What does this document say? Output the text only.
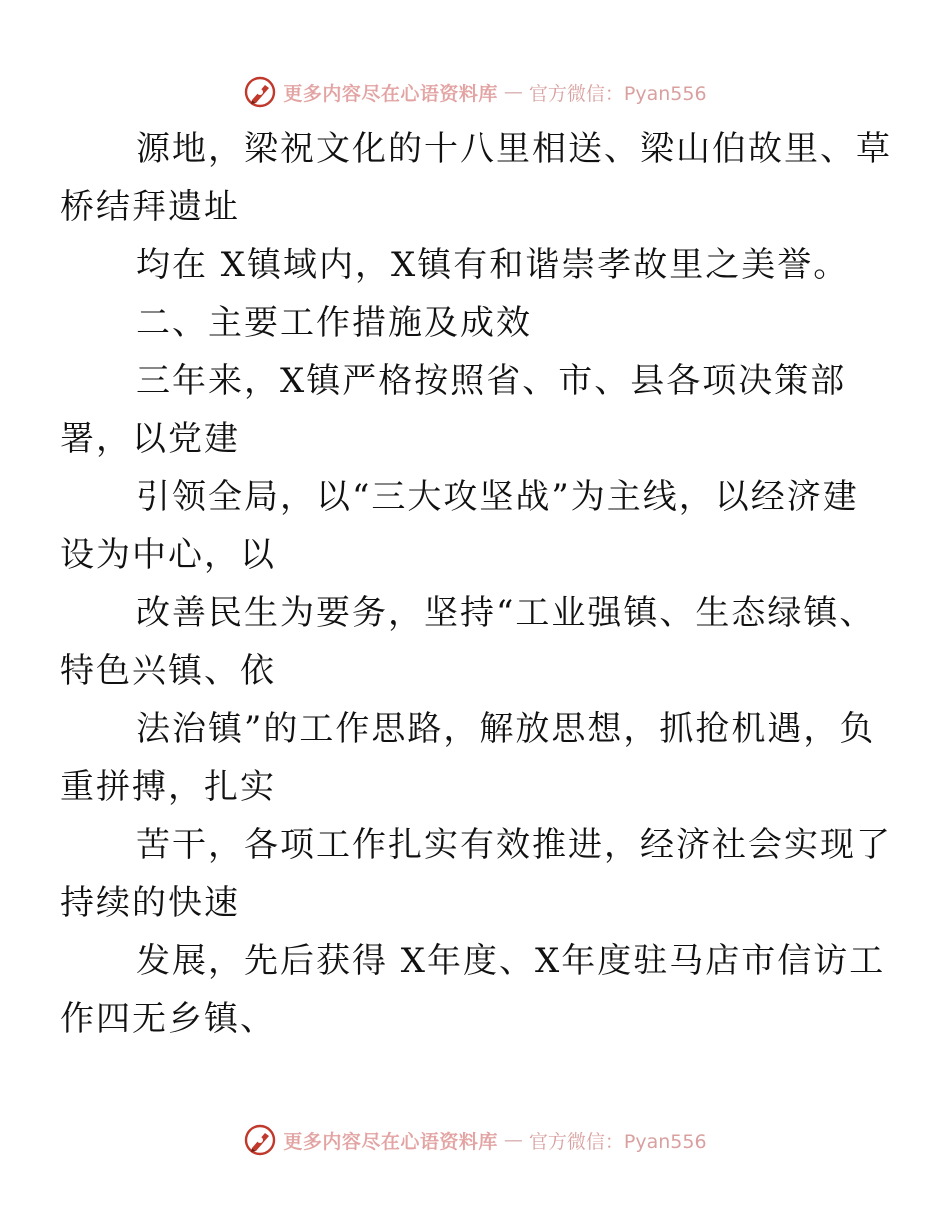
更多内容尽在心语资料库 — 官方微信：Pyan556

源地，梁祝文化的十八里相送、梁山伯故里、草
桥结拜遗址

均在 X镇域内，X镇有和谐崇孝故里之美誉。

二、主要工作措施及成效

三年来，X镇严格按照省、市、县各项决策部
署，以党建

引领全局，以“三大攻坚战”为主线，以经济建
设为中心，以

改善民生为要务，坚持“工业强镇、生态绿镇、
特色兴镇、依

法治镇”的工作思路，解放思想，抓抢机遇，负
重拼搏，扎实

苦干，各项工作扎实有效推进，经济社会实现了
持续的快速

发展，先后获得 X年度、X年度驻马店市信访工
作四无乡镇、

更多内容尽在心语资料库 — 官方微信：Pyan556
